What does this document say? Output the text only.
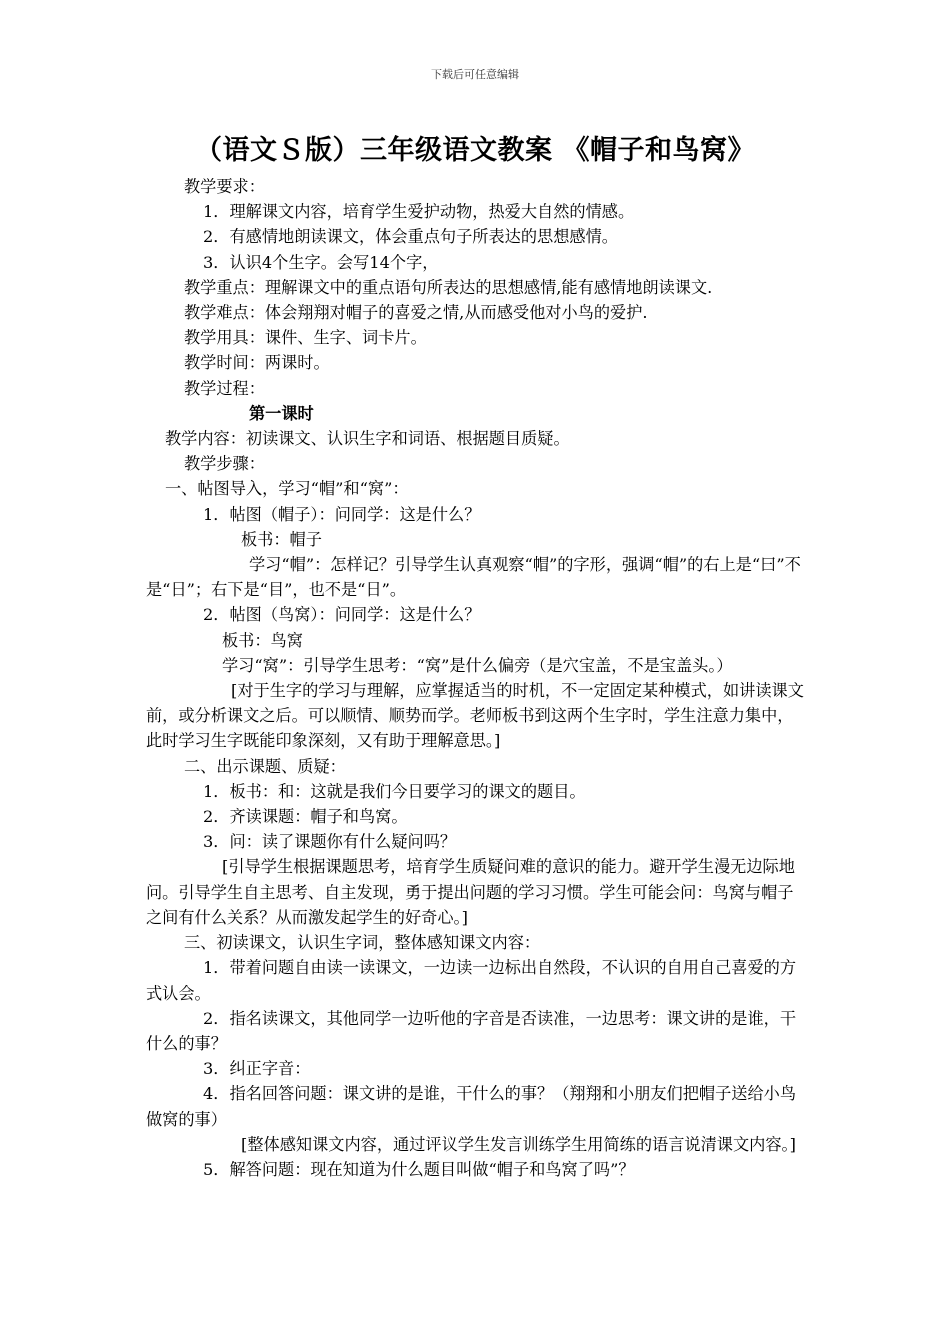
下载后可任意编辑
（语文Ｓ版）三年级语文教案 《帽子和鸟窝》

教学要求：

1．理解课文内容，培育学生爱护动物，热爱大自然的情感。

2．有感情地朗读课文，体会重点句子所表达的思想感情。

3．认识4个生字。会写14个字，

教学重点：理解课文中的重点语句所表达的思想感情,能有感情地朗读课文.

教学难点：体会翔翔对帽子的喜爱之情,从而感受他对小鸟的爱护.

教学用具：课件、生字、词卡片。

教学时间：两课时。

教学过程：

第一课时

教学内容：初读课文、认识生字和词语、根据题目质疑。

教学步骤：

一、帖图导入，学习“帽”和“窝”：

1．帖图（帽子）：问同学：这是什么？

板书：帽子

学习“帽”：怎样记？引导学生认真观察“帽”的字形，强调“帽”的右上是“曰”不是“日”；右下是“目”，也不是“日”。

2．帖图（鸟窝）：问同学：这是什么？

板书：鸟窝

学习“窝”：引导学生思考：“窝”是什么偏旁（是穴宝盖，不是宝盖头。）

[对于生字的学习与理解，应掌握适当的时机，不一定固定某种模式，如讲读课文前，或分析课文之后。可以顺情、顺势而学。老师板书到这两个生字时，学生注意力集中，此时学习生字既能印象深刻，又有助于理解意思。]

二、出示课题、质疑：

1．板书：和：这就是我们今日要学习的课文的题目。

2．齐读课题：帽子和鸟窝。

3．问：读了课题你有什么疑问吗？

[引导学生根据课题思考，培育学生质疑问难的意识的能力。避开学生漫无边际地问。引导学生自主思考、自主发现，勇于提出问题的学习习惯。学生可能会问：鸟窝与帽子之间有什么关系？从而激发起学生的好奇心。]

三、初读课文，认识生字词，整体感知课文内容：

1．带着问题自由读一读课文，一边读一边标出自然段，不认识的自用自己喜爱的方式认会。

2．指名读课文，其他同学一边听他的字音是否读准，一边思考：课文讲的是谁，干什么的事？

3．纠正字音：

4．指名回答问题：课文讲的是谁，干什么的事？（翔翔和小朋友们把帽子送给小鸟做窝的事）

[整体感知课文内容，通过评议学生发言训练学生用简练的语言说清课文内容。]

5．解答问题：现在知道为什么题目叫做“帽子和鸟窝了吗”？
